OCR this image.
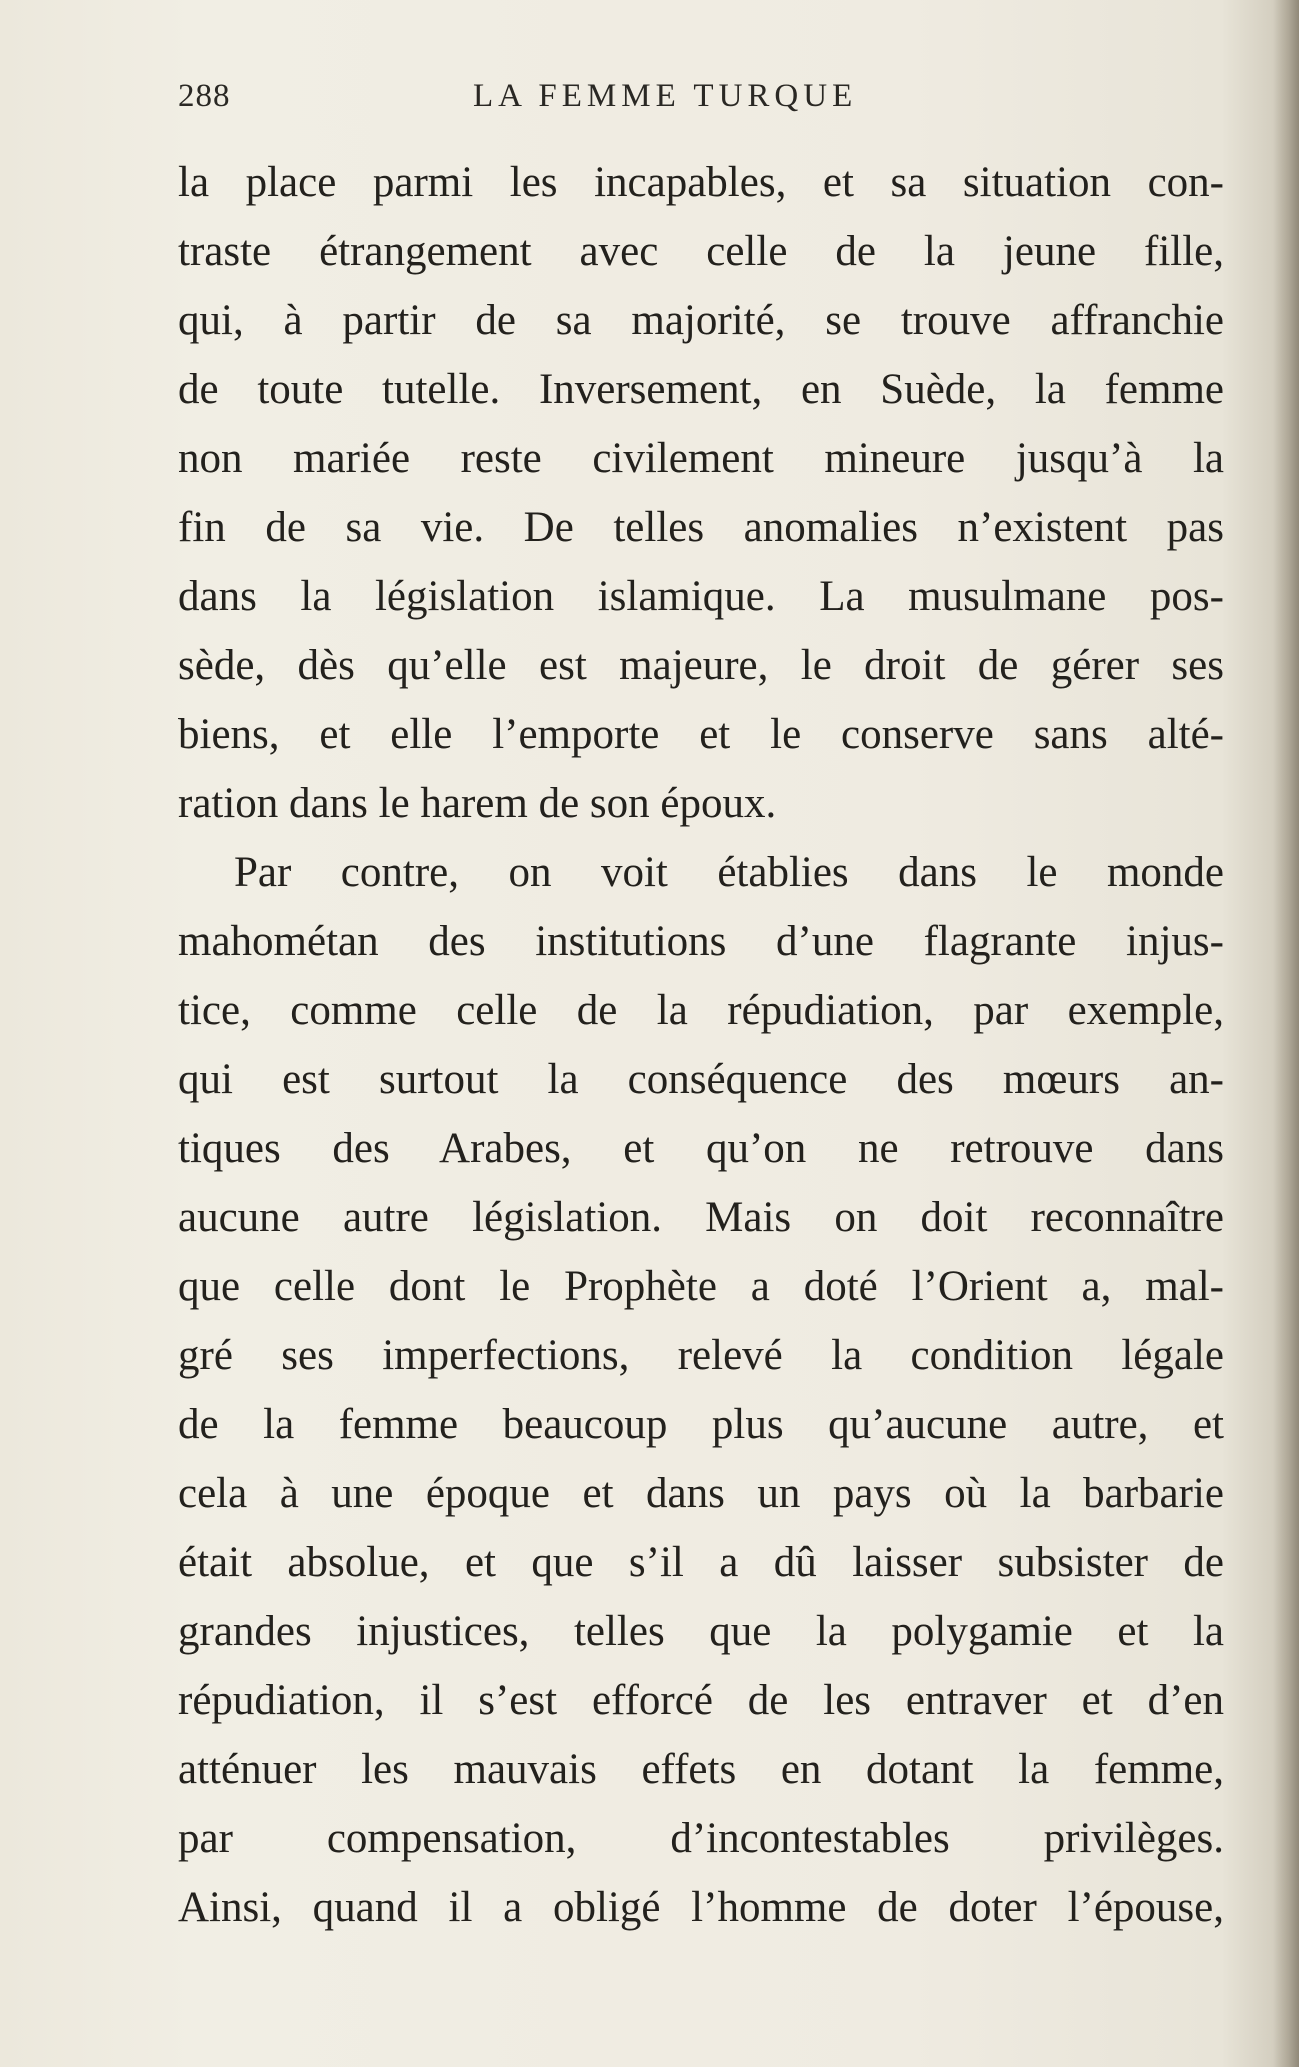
288	LA FEMME TURQUE
la place parmi les incapables, et sa situation con-
traste étrangement avec celle de la jeune fille,
qui, à partir de sa majorité, se trouve affranchie
de toute tutelle. Inversement, en Suède, la femme
non mariée reste civilement mineure jusqu’à la
fin de sa vie. De telles anomalies n’existent pas
dans la législation islamique. La musulmane pos-
sède, dès qu’elle est majeure, le droit de gérer ses
biens, et elle l’emporte et le conserve sans alté-
ration dans le harem de son époux.
Par contre, on voit établies dans le monde
mahométan des institutions d’une flagrante injus-
tice, comme celle de la répudiation, par exemple,
qui est surtout la conséquence des mœurs an-
tiques des Arabes, et qu’on ne retrouve dans
aucune autre législation. Mais on doit reconnaître
que celle dont le Prophète a doté l’Orient a, mal-
gré ses imperfections, relevé la condition légale
de la femme beaucoup plus qu’aucune autre, et
cela à une époque et dans un pays où la barbarie
était absolue, et que s’il a dû laisser subsister de
grandes injustices, telles que la polygamie et la
répudiation, il s’est efforcé de les entraver et d’en
atténuer les mauvais effets en dotant la femme,
par compensation, d’incontestables privilèges.
Ainsi, quand il a obligé l’homme de doter l’épouse,
